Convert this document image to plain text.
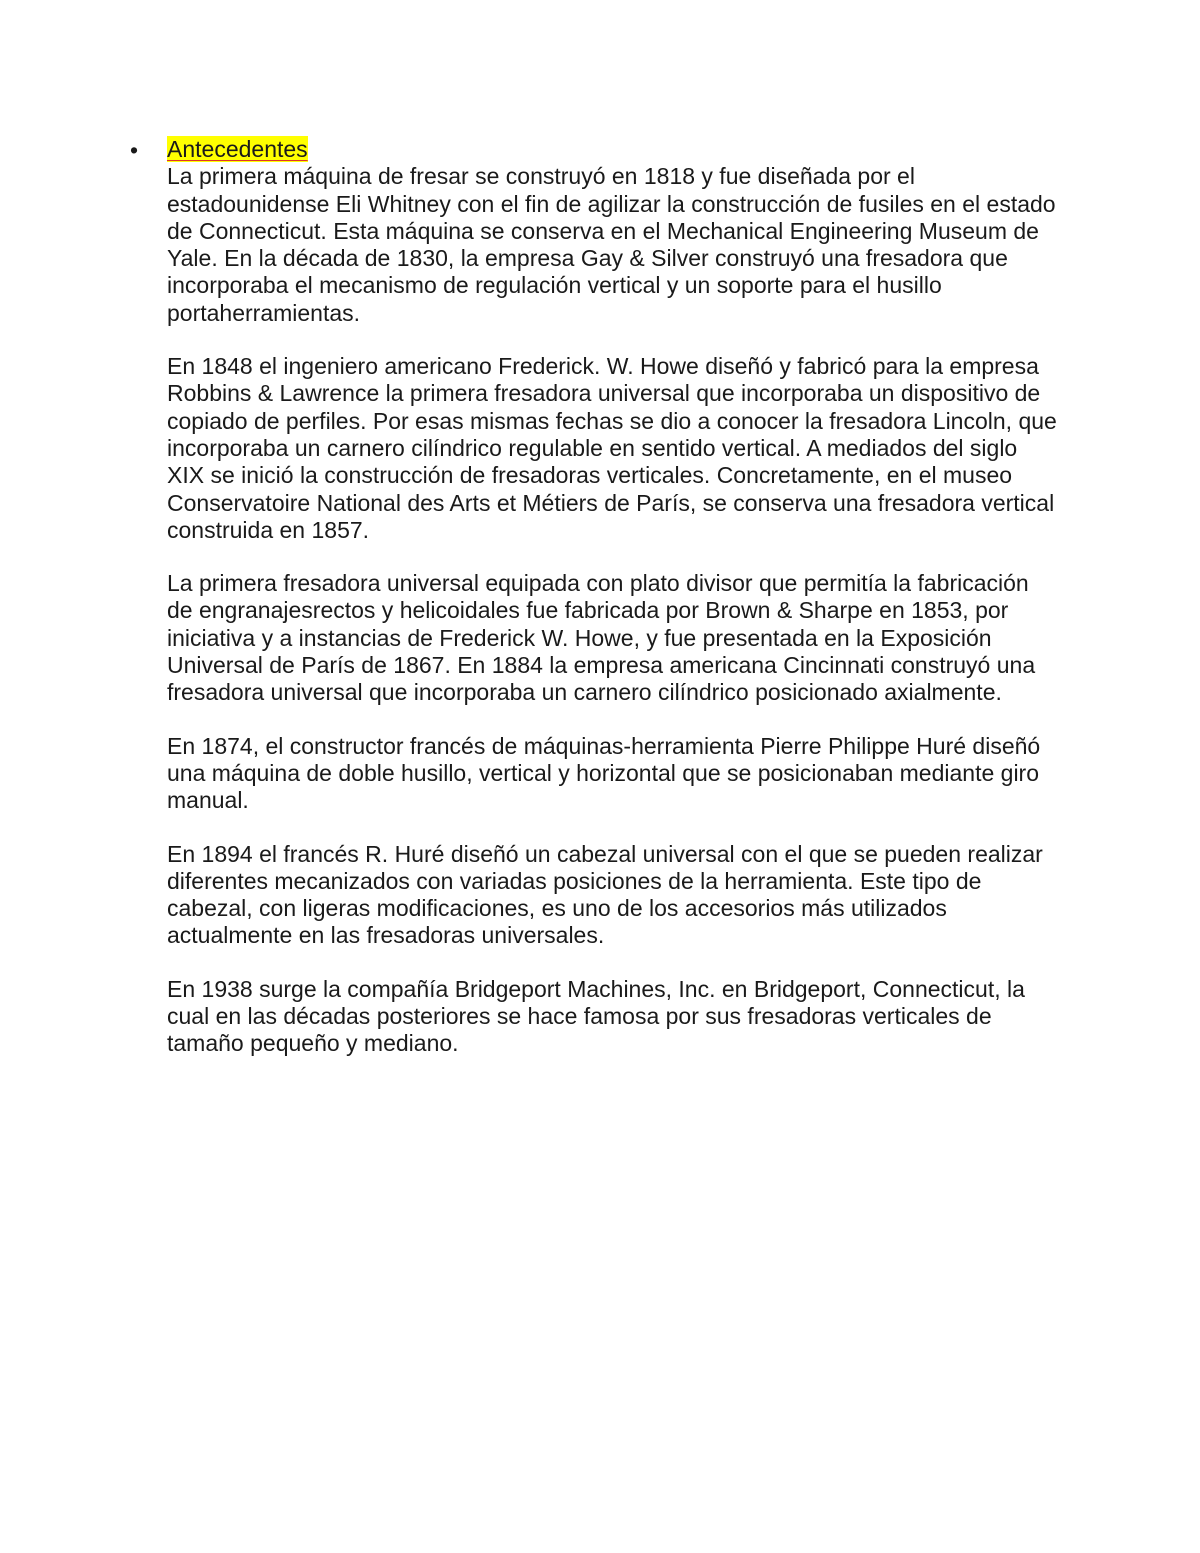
•	Antecedentes

La primera máquina de fresar se construyó en 1818 y fue diseñada por el estadounidense Eli Whitney con el fin de agilizar la construcción de fusiles en el estado de Connecticut. Esta máquina se conserva en el Mechanical Engineering Museum de Yale. En la década de 1830, la empresa Gay & Silver construyó una fresadora que incorporaba el mecanismo de regulación vertical y un soporte para el husillo portaherramientas.

En 1848 el ingeniero americano Frederick. W. Howe diseñó y fabricó para la empresa Robbins & Lawrence la primera fresadora universal que incorporaba un dispositivo de copiado de perfiles. Por esas mismas fechas se dio a conocer la fresadora Lincoln, que incorporaba un carnero cilíndrico regulable en sentido vertical. A mediados del siglo XIX se inició la construcción de fresadoras verticales. Concretamente, en el museo Conservatoire National des Arts et Métiers de París, se conserva una fresadora vertical construida en 1857.

La primera fresadora universal equipada con plato divisor que permitía la fabricación de engranajesrectos y helicoidales fue fabricada por Brown & Sharpe en 1853, por iniciativa y a instancias de Frederick W. Howe, y fue presentada en la Exposición Universal de París de 1867. En 1884 la empresa americana Cincinnati construyó una fresadora universal que incorporaba un carnero cilíndrico posicionado axialmente.

En 1874, el constructor francés de máquinas-herramienta Pierre Philippe Huré diseñó una máquina de doble husillo, vertical y horizontal que se posicionaban mediante giro manual.

En 1894 el francés R. Huré diseñó un cabezal universal con el que se pueden realizar diferentes mecanizados con variadas posiciones de la herramienta. Este tipo de cabezal, con ligeras modificaciones, es uno de los accesorios más utilizados actualmente en las fresadoras universales.

En 1938 surge la compañía Bridgeport Machines, Inc. en Bridgeport, Connecticut, la cual en las décadas posteriores se hace famosa por sus fresadoras verticales de tamaño pequeño y mediano.
